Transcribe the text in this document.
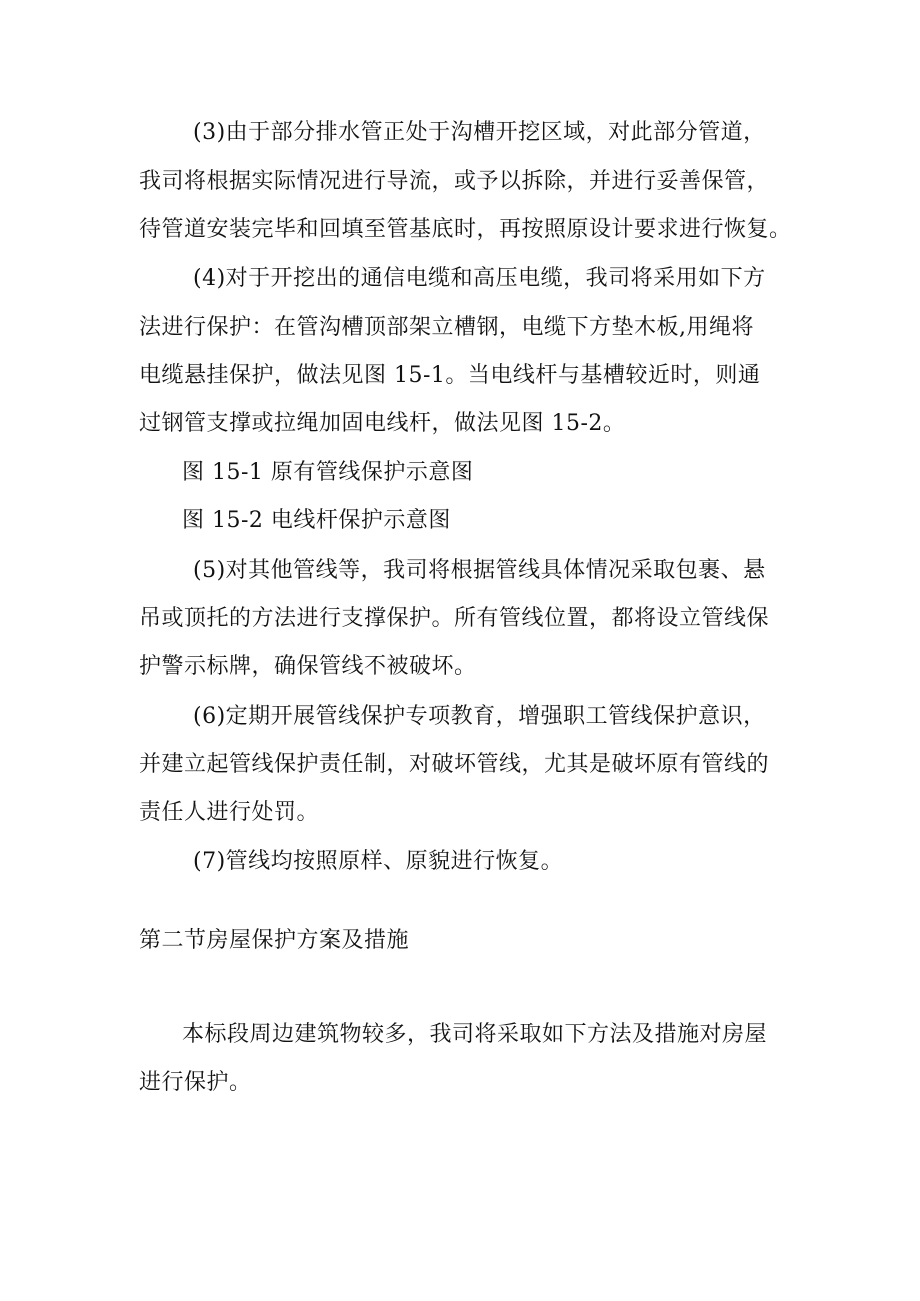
(3)由于部分排水管正处于沟槽开挖区域，对此部分管道，
我司将根据实际情况进行导流，或予以拆除，并进行妥善保管，
待管道安装完毕和回填至管基底时，再按照原设计要求进行恢复。
(4)对于开挖出的通信电缆和高压电缆，我司将采用如下方
法进行保护：在管沟槽顶部架立槽钢，电缆下方垫木板,用绳将
电缆悬挂保护，做法见图 15-1。当电线杆与基槽较近时，则通
过钢管支撑或拉绳加固电线杆，做法见图 15-2。
图 15-1 原有管线保护示意图
图 15-2 电线杆保护示意图
(5)对其他管线等，我司将根据管线具体情况采取包裹、悬
吊或顶托的方法进行支撑保护。所有管线位置，都将设立管线保
护警示标牌，确保管线不被破坏。
(6)定期开展管线保护专项教育，增强职工管线保护意识，
并建立起管线保护责任制，对破坏管线，尤其是破坏原有管线的
责任人进行处罚。
(7)管线均按照原样、原貌进行恢复。
第二节房屋保护方案及措施
本标段周边建筑物较多，我司将采取如下方法及措施对房屋
进行保护。
